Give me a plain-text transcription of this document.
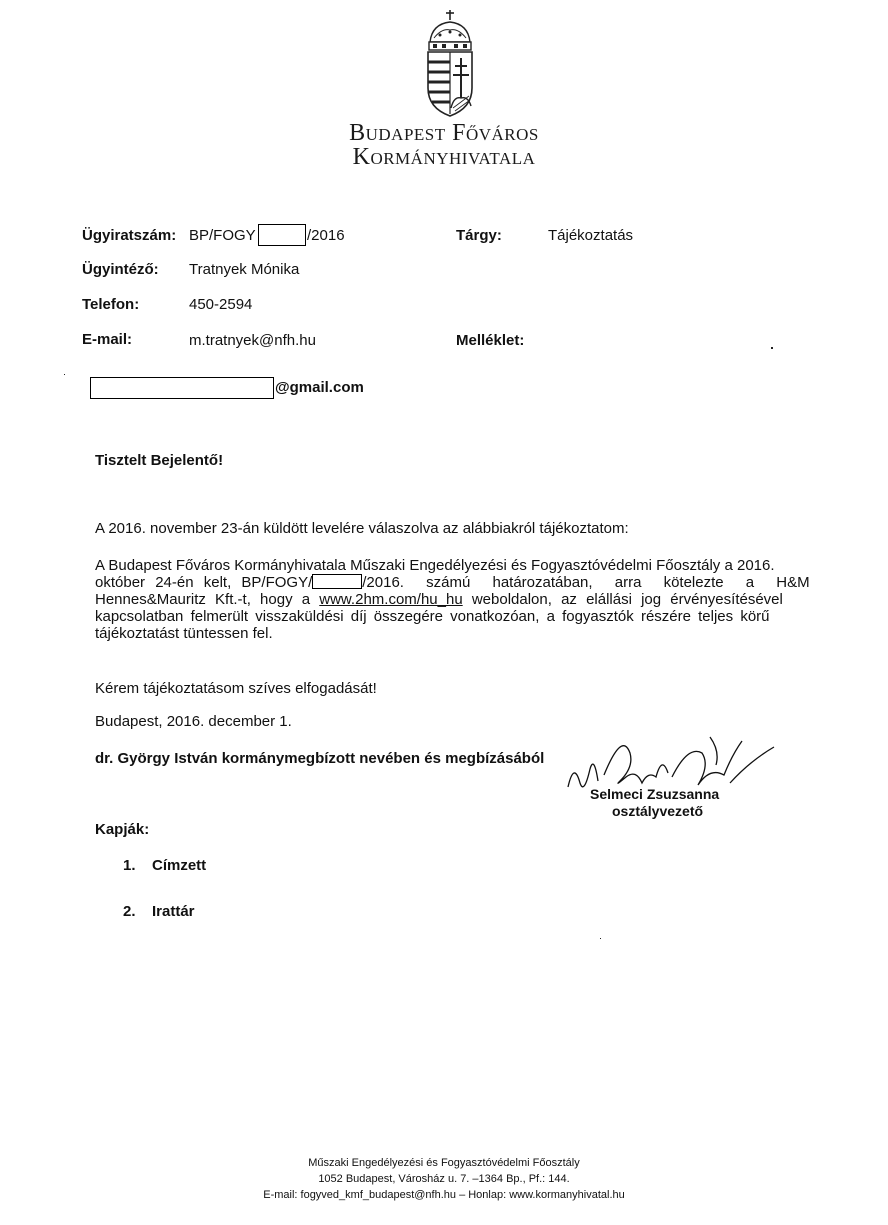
Budapest Főváros
Kormányhivatala
Ügyiratszám: BP/FOGY	/2016	Tárgy:	Tájékoztatás
Ügyintéző: Tratnyek Mónika
Telefon:	450-2594
E-mail:	m.tratnyek@nfh.hu	Melléklet:
@gmail.com
Tisztelt Bejelentő!
A 2016. november 23-án küldött levelére válaszolva az alábbiakról tájékoztatom:
A Budapest Főváros Kormányhivatala Műszaki Engedélyezési és Fogyasztóvédelmi Főosztály a 2016.
október 24-én kelt, BP/FOGY/	/2016. számú határozatában, arra kötelezte a H&M
Hennes&Mauritz Kft.-t, hogy a www.2hm.com/hu_hu weboldalon, az elállási jog érvényesítésével
kapcsolatban felmerült visszaküldési díj összegére vonatkozóan, a fogyasztók részére teljes körű
tájékoztatást tüntessen fel.
Kérem tájékoztatásom szíves elfogadását!
Budapest, 2016. december 1.
dr. György István kormánymegbízott nevében és megbízásából
Selmeci Zsuzsanna
osztályvezető
Kapják:
1. Címzett
2. Irattár
Műszaki Engedélyezési és Fogyasztóvédelmi Főosztály
1052 Budapest, Városház u. 7. –1364 Bp., Pf.: 144.
E-mail: fogyved_kmf_budapest@nfh.hu – Honlap: www.kormanyhivatal.hu
